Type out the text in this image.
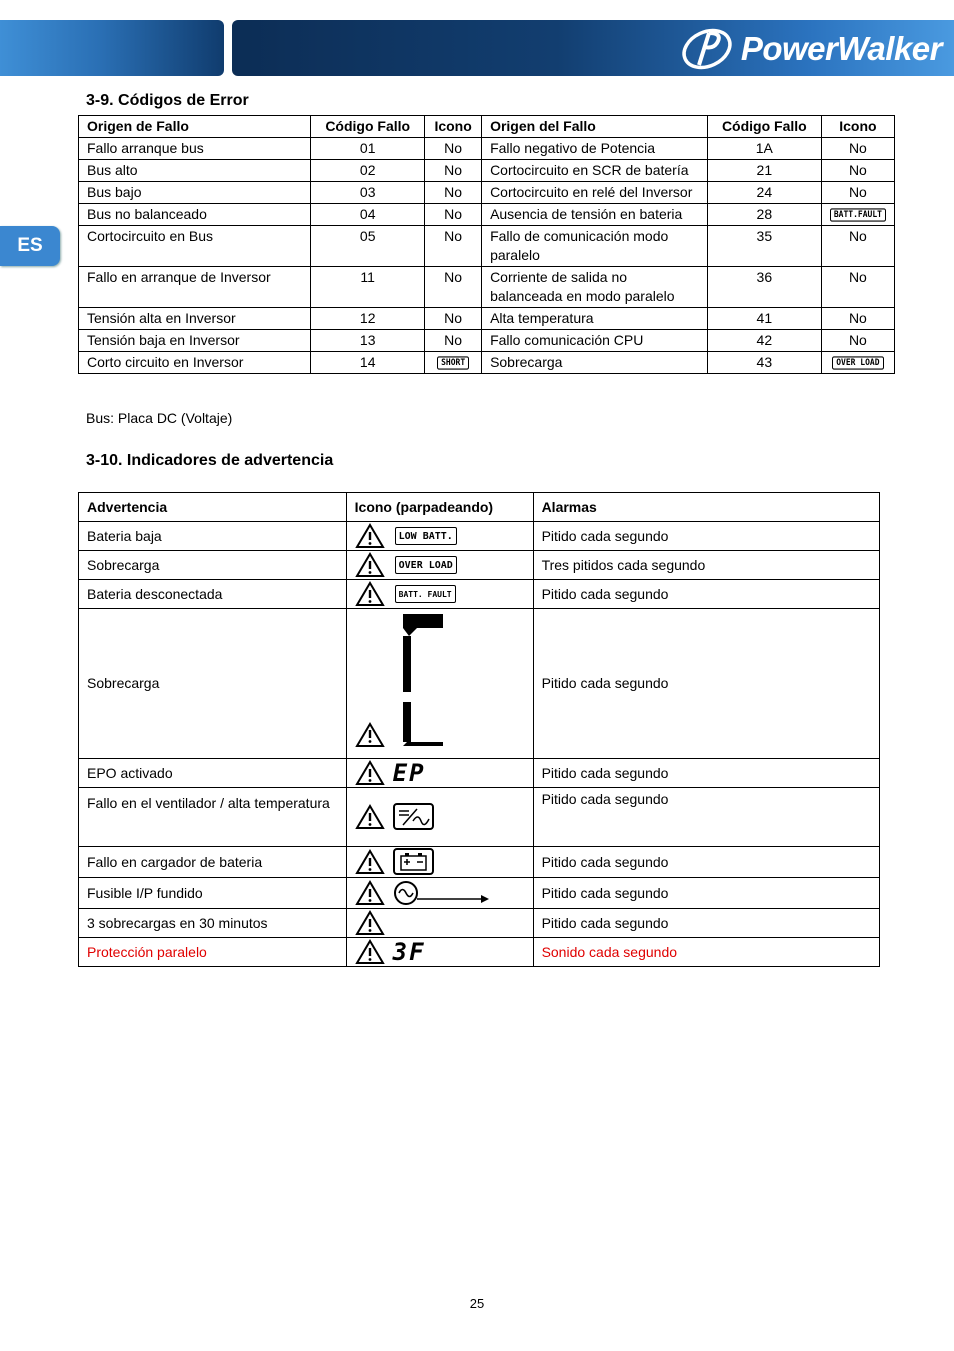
PowerWalker
ES
3-9. Códigos de Error
Origen de Fallo	Código Fallo	Icono	Origen del Fallo	Código Fallo	Icono
Fallo arranque bus	01	No	Fallo negativo de Potencia	1A	No
Bus alto	02	No	Cortocircuito en SCR de batería	21	No
Bus bajo	03	No	Cortocircuito en relé del Inversor	24	No
Bus no balanceado	04	No	Ausencia de tensión en bateria	28	BATT.FAULT
Cortocircuito en Bus	05	No	Fallo de comunicación modo paralelo	35	No
Fallo en arranque de Inversor	11	No	Corriente de salida no balanceada en modo paralelo	36	No
Tensión alta en Inversor	12	No	Alta temperatura	41	No
Tensión baja en Inversor	13	No	Fallo comunicación CPU	42	No
Corto circuito en Inversor	14	SHORT	Sobrecarga	43	OVER LOAD
Bus: Placa DC (Voltaje)
3-10. Indicadores de advertencia
Advertencia	Icono (parpadeando)	Alarmas
Bateria baja	LOW BATT.	Pitido cada segundo
Sobrecarga	OVER LOAD	Tres pitidos cada segundo
Bateria desconectada	BATT. FAULT	Pitido cada segundo
Sobrecarga		Pitido cada segundo
EPO activado	EP	Pitido cada segundo
Fallo en el ventilador / alta temperatura		Pitido cada segundo
Fallo en cargador de bateria		Pitido cada segundo
Fusible I/P fundido		Pitido cada segundo
3 sobrecargas en 30 minutos		Pitido cada segundo
Protección paralelo	3F	Sonido cada segundo
25
